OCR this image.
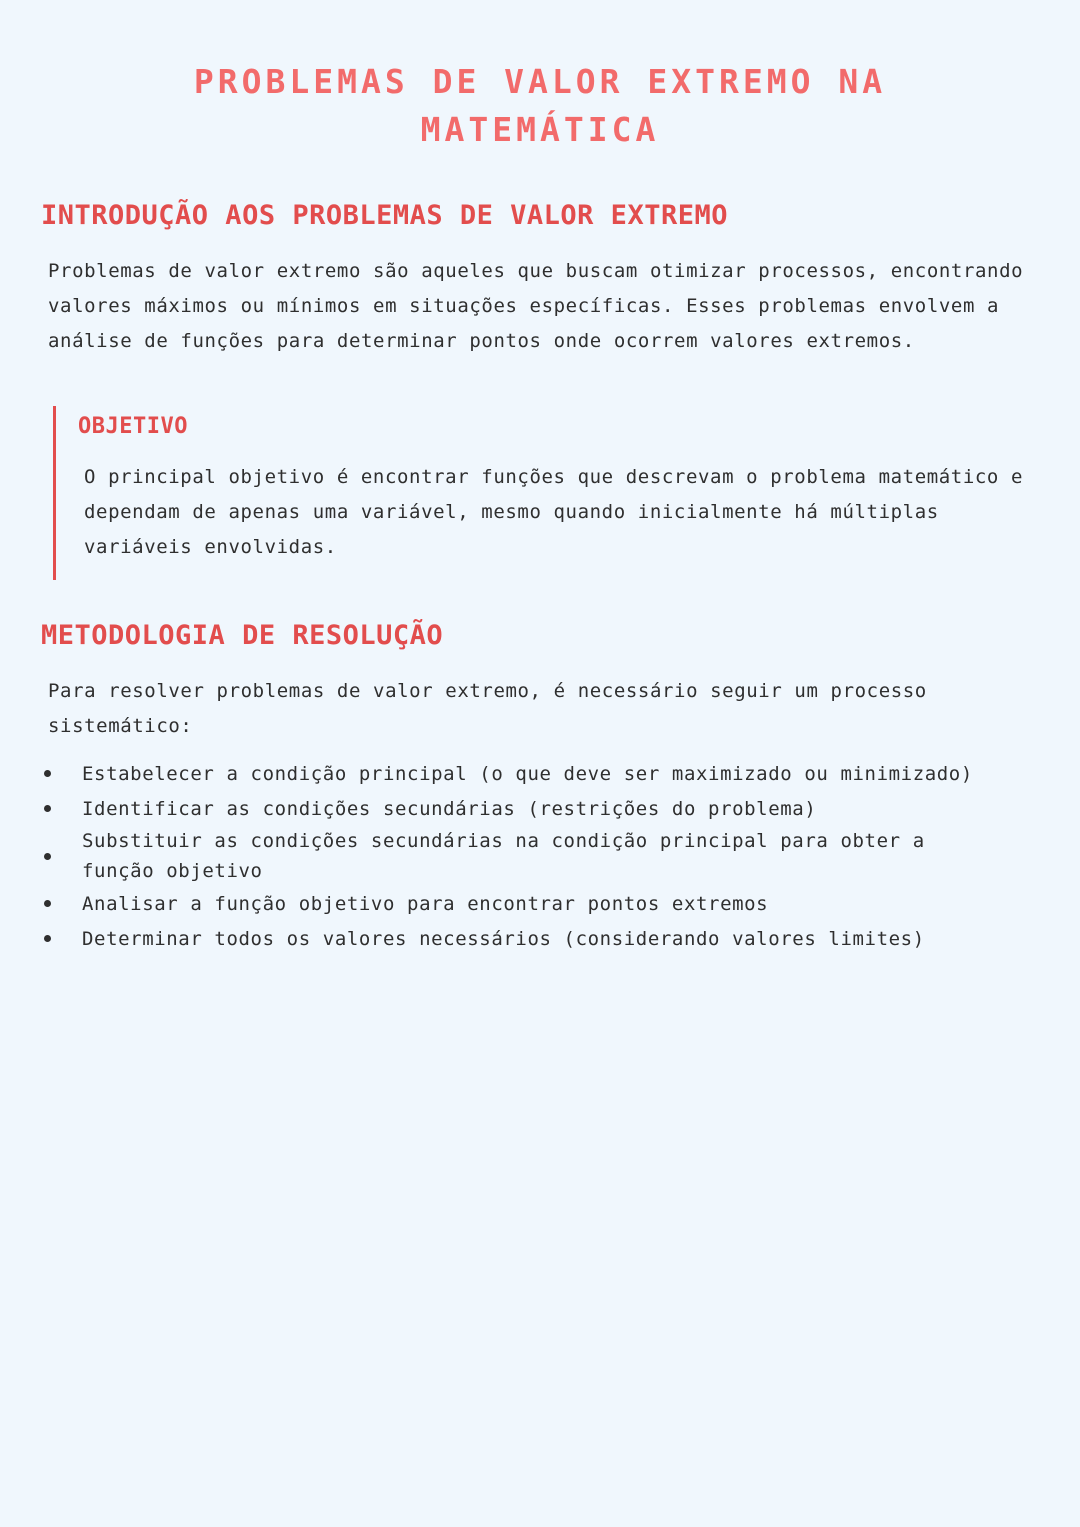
PROBLEMAS DE VALOR EXTREMO NA MATEMÁTICA
INTRODUÇÃO AOS PROBLEMAS DE VALOR EXTREMO

Problemas de valor extremo são aqueles que buscam otimizar processos, encontrando valores máximos ou mínimos em situações específicas. Esses problemas envolvem a análise de funções para determinar pontos onde ocorrem valores extremos.

OBJETIVO

O principal objetivo é encontrar funções que descrevam o problema matemático e dependam de apenas uma variável, mesmo quando inicialmente há múltiplas variáveis envolvidas.

METODOLOGIA DE RESOLUÇÃO

Para resolver problemas de valor extremo, é necessário seguir um processo sistemático:

Estabelecer a condição principal (o que deve ser maximizado ou minimizado)
Identificar as condições secundárias (restrições do problema)
Substituir as condições secundárias na condição principal para obter a função objetivo
Analisar a função objetivo para encontrar pontos extremos
Determinar todos os valores necessários (considerando valores limites)
